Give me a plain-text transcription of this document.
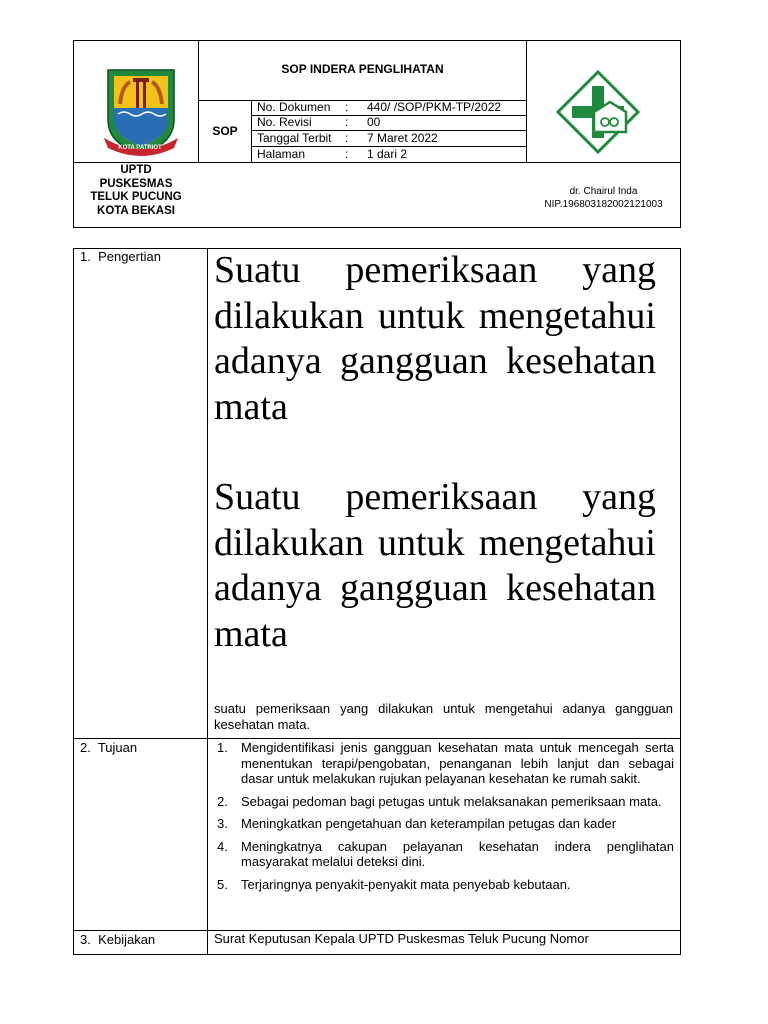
KOTA PATRIOT
SOP INDERA PENGLIHATAN
SOP
No. Dokumen : 440/ /SOP/PKM-TP/2022
No. Revisi	: 00
Tanggal Terbit : 7 Maret 2022
Halaman	: 1 dari 2
UPTD
PUSKESMAS
TELUK PUCUNG
KOTA BEKASI
dr. Chairul Inda
NIP.196803182002121003
1.  Pengertian Suatu pemeriksaan yang dilakukan untuk mengetahui adanya gangguan kesehatan mata
Suatu pemeriksaan yang dilakukan untuk mengetahui adanya gangguan kesehatan mata
suatu pemeriksaan yang dilakukan untuk mengetahui adanya gangguan kesehatan mata.
2.  Tujuan	1. Mengidentifikasi jenis gangguan kesehatan mata untuk mencegah serta menentukan terapi/pengobatan, penanganan lebih lanjut dan sebagai dasar untuk melakukan rujukan pelayanan kesehatan ke rumah sakit.
2. Sebagai pedoman bagi petugas untuk melaksanakan pemeriksaan mata.
3. Meningkatkan pengetahuan dan keterampilan petugas dan kader
4. Meningkatnya cakupan pelayanan kesehatan indera penglihatan masyarakat melalui deteksi dini.
5. Terjaringnya penyakit-penyakit mata penyebab kebutaan.
3.  Kebijakan	Surat Keputusan Kepala UPTD Puskesmas Teluk Pucung Nomor
